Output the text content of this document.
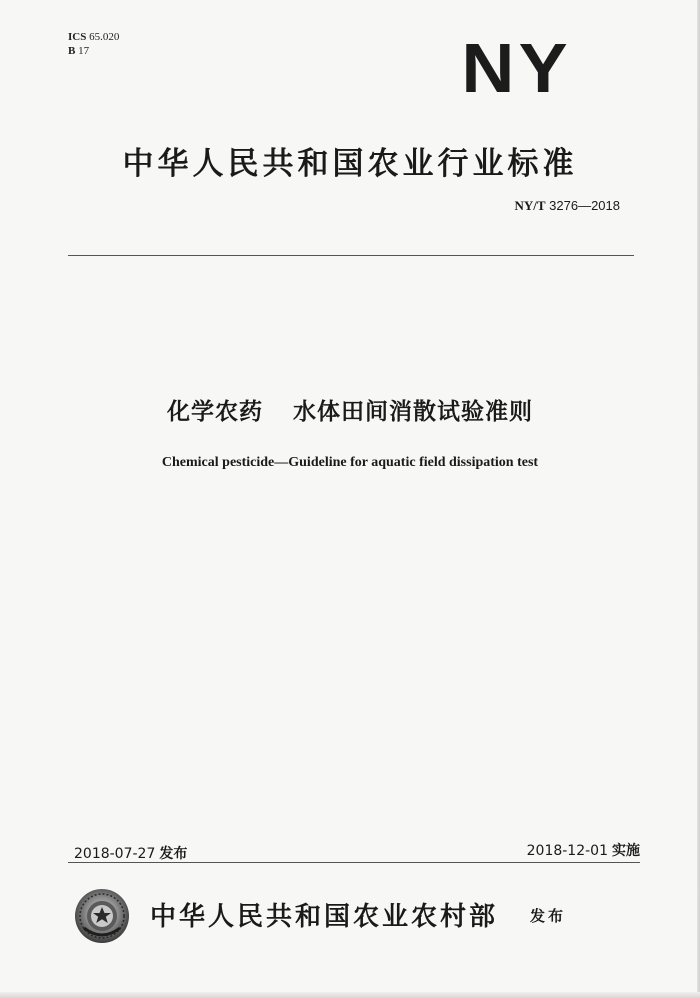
ICS 65.020
B 17	NY
中华人民共和国农业行业标准
NY/T 3276—2018
化学农药 水体田间消散试验准则
Chemical pesticide—Guideline for aquatic field dissipation test
2018-07-27 发布	2018-12-01 实施
中华人民共和国农业农村部 发布
